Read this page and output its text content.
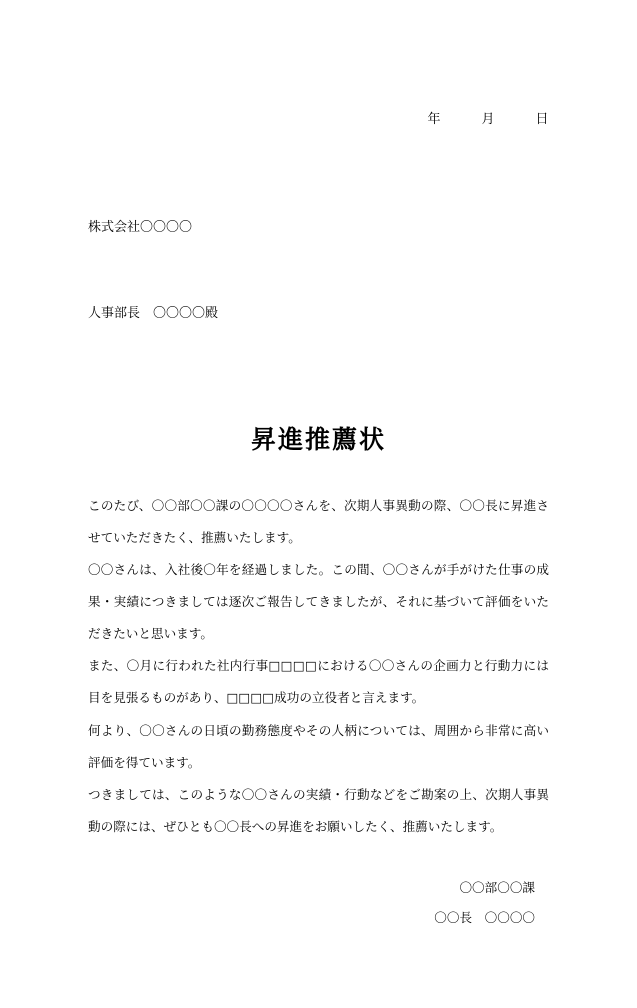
年　　　月　　　日

株式会社〇〇〇〇

人事部長　〇〇〇〇殿

昇進推薦状

このたび、〇〇部〇〇課の〇〇〇〇さんを、次期人事異動の際、〇〇長に昇進させていただきたく、推薦いたします。

〇〇さんは、入社後〇年を経過しました。この間、〇〇さんが手がけた仕事の成果・実績につきましては逐次ご報告してきましたが、それに基づいて評価をいただきたいと思います。

また、〇月に行われた社内行事□□□□における〇〇さんの企画力と行動力には目を見張るものがあり、□□□□成功の立役者と言えます。

何より、〇〇さんの日頃の勤務態度やその人柄については、周囲から非常に高い評価を得ています。

つきましては、このような〇〇さんの実績・行動などをご勘案の上、次期人事異動の際には、ぜひとも〇〇長への昇進をお願いしたく、推薦いたします。

〇〇部〇〇課
〇〇長　〇〇〇〇
